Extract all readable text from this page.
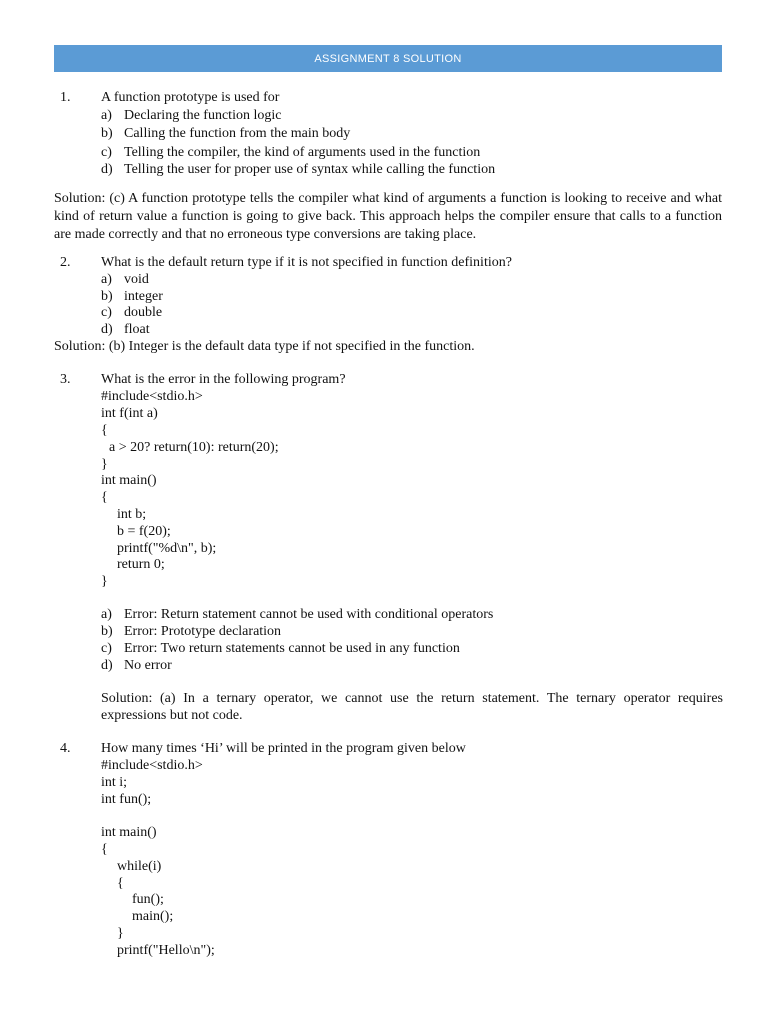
ASSIGNMENT 8 SOLUTION
1. A function prototype is used for
a) Declaring the function logic
b) Calling the function from the main body
c) Telling the compiler, the kind of arguments used in the function
d) Telling the user for proper use of syntax while calling the function
Solution: (c) A function prototype tells the compiler what kind of arguments a function is looking to receive and what kind of return value a function is going to give back. This approach helps the compiler ensure that calls to a function are made correctly and that no erroneous type conversions are taking place.
2. What is the default return type if it is not specified in function definition?
a) void
b) integer
c) double
d) float
Solution: (b) Integer is the default data type if not specified in the function.
3. What is the error in the following program?
#include<stdio.h>
int f(int a)
{
a > 20? return(10): return(20);
}
int main()
{
int b;
b = f(20);
printf("%d\n", b);
return 0;
}
a) Error: Return statement cannot be used with conditional operators
b) Error: Prototype declaration
c) Error: Two return statements cannot be used in any function
d) No error
Solution: (a) In a ternary operator, we cannot use the return statement. The ternary operator requires expressions but not code.
4. How many times ‘Hi’ will be printed in the program given below
#include<stdio.h>
int i;
int fun();
int main()
{
while(i)
{
fun();
main();
}
printf("Hello\n");
